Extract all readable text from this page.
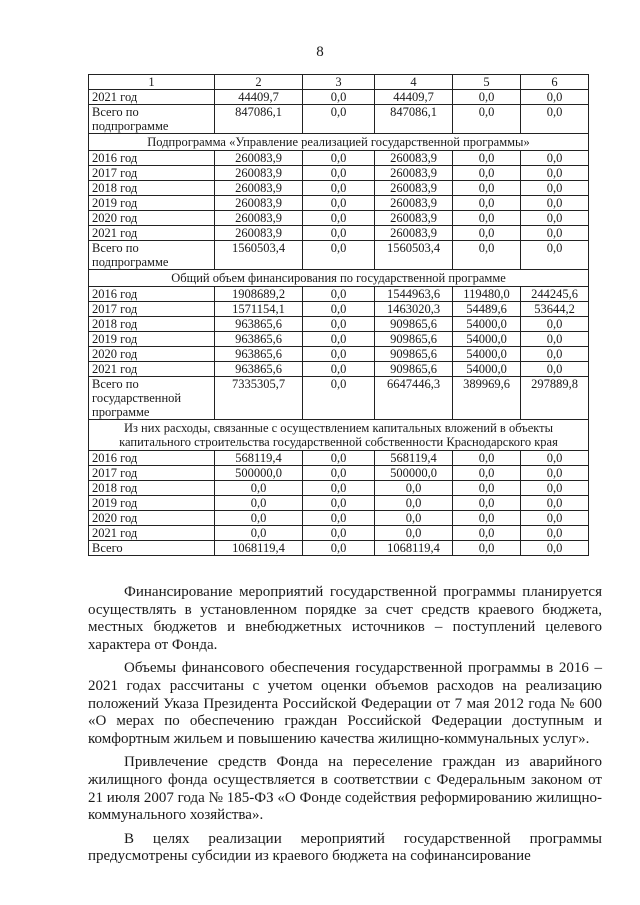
8
1	2	3	4	5	6
2021 год	44409,7	0,0	44409,7	0,0	0,0
Всего по подпрограмме	847086,1	0,0	847086,1	0,0	0,0
Подпрограмма «Управление реализацией государственной программы»					
2016 год	260083,9	0,0	260083,9	0,0	0,0
2017 год	260083,9	0,0	260083,9	0,0	0,0
2018 год	260083,9	0,0	260083,9	0,0	0,0
2019 год	260083,9	0,0	260083,9	0,0	0,0
2020 год	260083,9	0,0	260083,9	0,0	0,0
2021 год	260083,9	0,0	260083,9	0,0	0,0
Всего по подпрограмме	1560503,4	0,0	1560503,4	0,0	0,0
Общий объем финансирования по государственной программе					
2016 год	1908689,2	0,0	1544963,6	119480,0	244245,6
2017 год	1571154,1	0,0	1463020,3	54489,6	53644,2
2018 год	963865,6	0,0	909865,6	54000,0	0,0
2019 год	963865,6	0,0	909865,6	54000,0	0,0
2020 год	963865,6	0,0	909865,6	54000,0	0,0
2021 год	963865,6	0,0	909865,6	54000,0	0,0
Всего по государственной программе	7335305,7	0,0	6647446,3	389969,6	297889,8
Из них расходы, связанные с осуществлением капитальных вложений в объекты капитального строительства государственной собственности Краснодарского края					
2016 год	568119,4	0,0	568119,4	0,0	0,0
2017 год	500000,0	0,0	500000,0	0,0	0,0
2018 год	0,0	0,0	0,0	0,0	0,0
2019 год	0,0	0,0	0,0	0,0	0,0
2020 год	0,0	0,0	0,0	0,0	0,0
2021 год	0,0	0,0	0,0	0,0	0,0
Всего	1068119,4	0,0	1068119,4	0,0	0,0

Финансирование мероприятий государственной программы планируется осуществлять в установленном порядке за счет средств краевого бюджета, местных бюджетов и внебюджетных источников – поступлений целевого характера от Фонда.

Объемы финансового обеспечения государственной программы в 2016 – 2021 годах рассчитаны с учетом оценки объемов расходов на реализацию положений Указа Президента Российской Федерации от 7 мая 2012 года № 600 «О мерах по обеспечению граждан Российской Федерации доступным и комфортным жильем и повышению качества жилищно-коммунальных услуг».

Привлечение средств Фонда на переселение граждан из аварийного жилищного фонда осуществляется в соответствии с Федеральным законом от 21 июля 2007 года № 185-ФЗ «О Фонде содействия реформированию жилищно-коммунального хозяйства».

В целях реализации мероприятий государственной программы предусмотрены субсидии из краевого бюджета на софинансирование
